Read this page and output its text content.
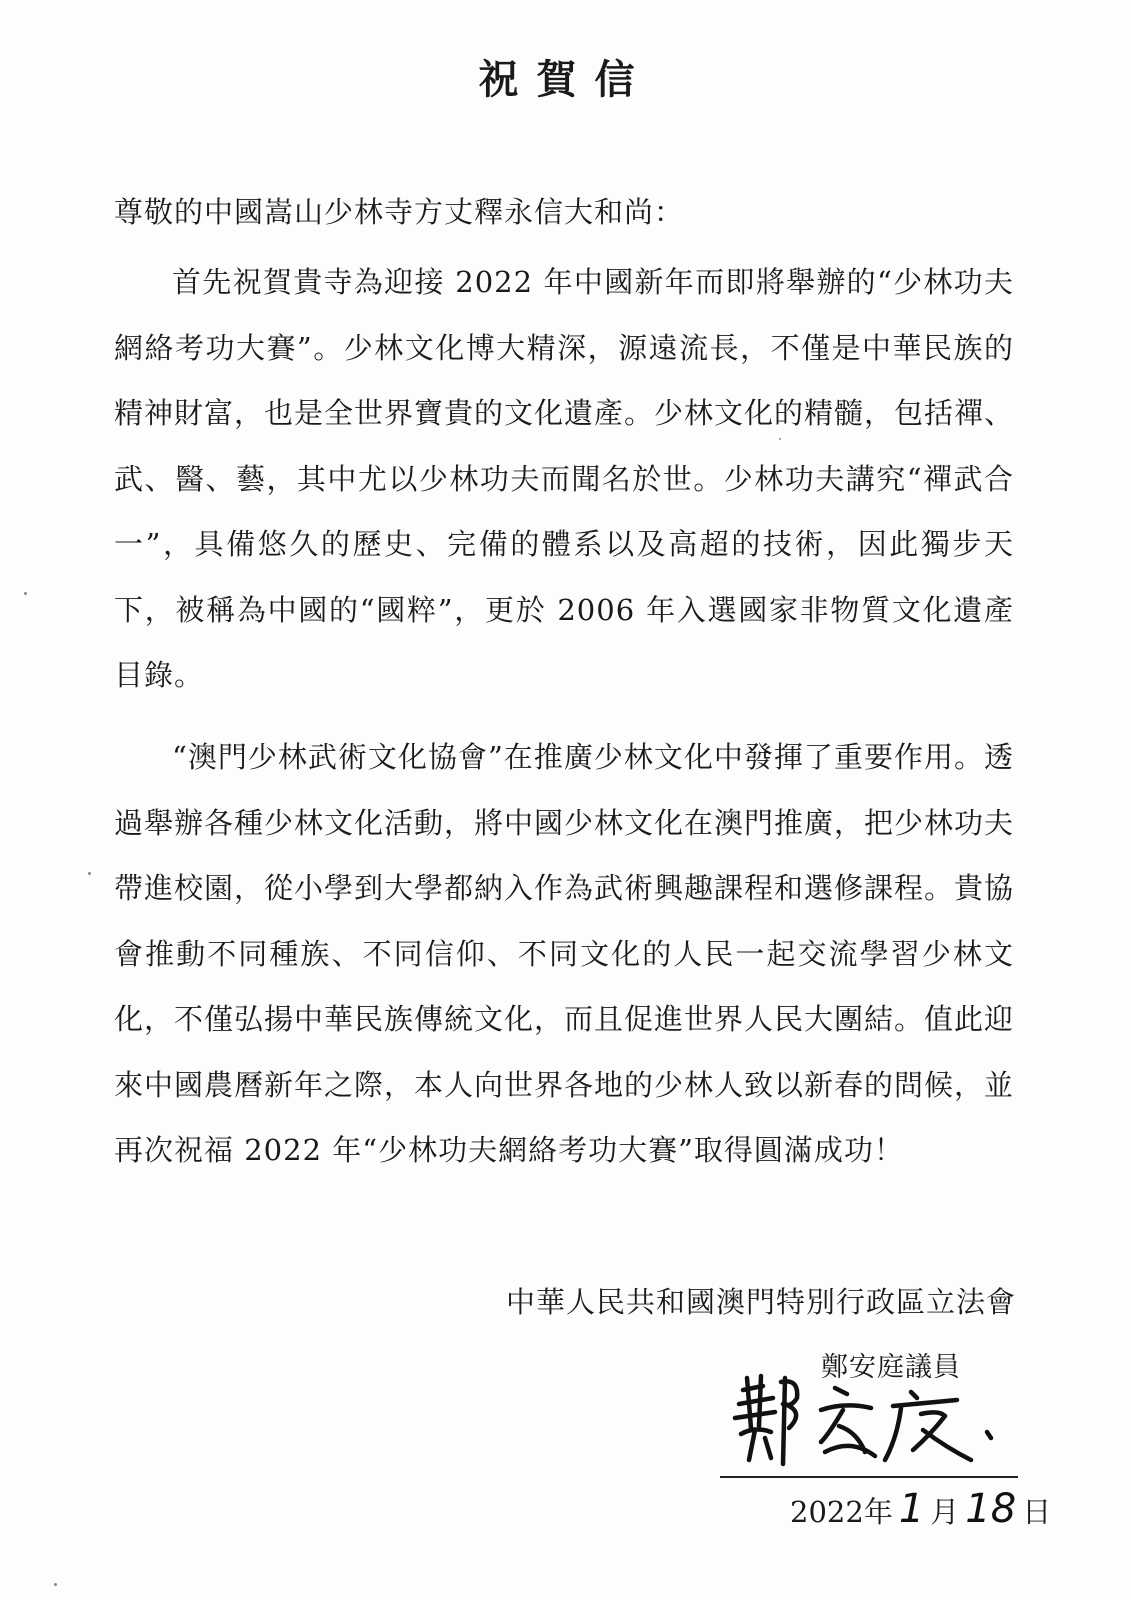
祝賀信
尊敬的中國嵩山少林寺方丈釋永信大和尚：
首先祝賀貴寺為迎接 2022 年中國新年而即將舉辦的“少林功夫網絡考功大賽”。少林文化博大精深，源遠流長，不僅是中華民族的精神財富，也是全世界寶貴的文化遺產。少林文化的精髓，包括禪、武、醫、藝，其中尤以少林功夫而聞名於世。少林功夫講究“禪武合一”，具備悠久的歷史、完備的體系以及高超的技術，因此獨步天下，被稱為中國的“國粹”，更於 2006 年入選國家非物質文化遺產目錄。
“澳門少林武術文化協會”在推廣少林文化中發揮了重要作用。透過舉辦各種少林文化活動，將中國少林文化在澳門推廣，把少林功夫帶進校園，從小學到大學都納入作為武術興趣課程和選修課程。貴協會推動不同種族、不同信仰、不同文化的人民一起交流學習少林文化，不僅弘揚中華民族傳統文化，而且促進世界人民大團結。值此迎來中國農曆新年之際，本人向世界各地的少林人致以新春的問候，並再次祝福 2022 年“少林功夫網絡考功大賽”取得圓滿成功！
中華人民共和國澳門特別行政區立法會
鄭安庭議員
2022 年 1 月 18 日
